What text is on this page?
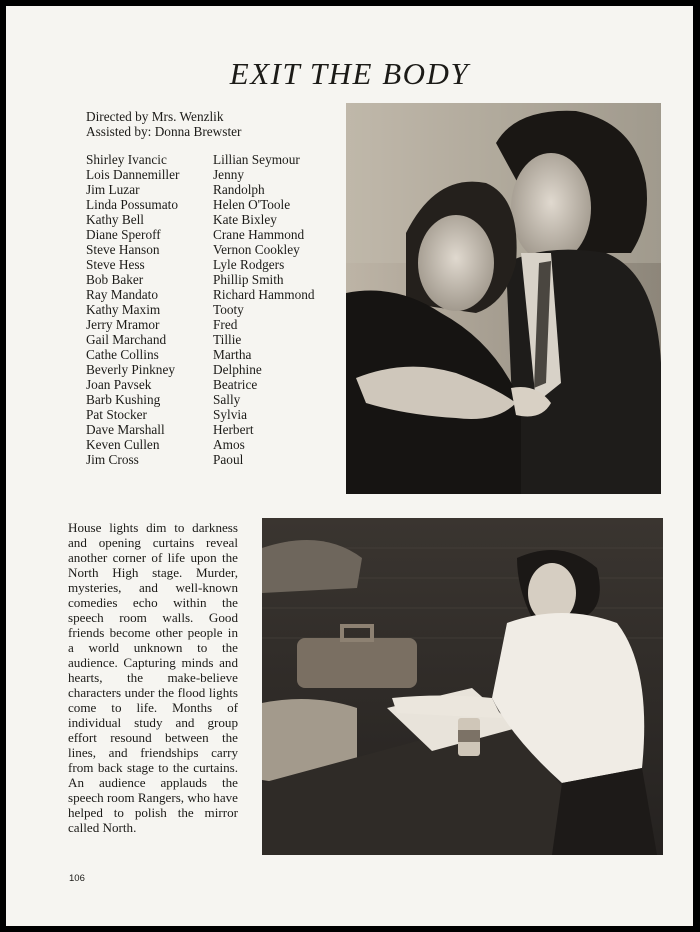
EXIT THE BODY
Directed by Mrs. Wenzlik
Assisted by: Donna Brewster
Shirley Ivancic
Lois Dannemiller
Jim Luzar
Linda Possumato
Kathy Bell
Diane Speroff
Steve Hanson
Steve Hess
Bob Baker
Ray Mandato
Kathy Maxim
Jerry Mramor
Gail Marchand
Cathe Collins
Beverly Pinkney
Joan Pavsek
Barb Kushing
Pat Stocker
Dave Marshall
Keven Cullen
Jim Cross
Lillian Seymour
Jenny
Randolph
Helen O'Toole
Kate Bixley
Crane Hammond
Vernon Cookley
Lyle Rodgers
Phillip Smith
Richard Hammond
Tooty
Fred
Tillie
Martha
Delphine
Beatrice
Sally
Sylvia
Herbert
Amos
Paoul
House lights dim to darkness and opening curtains reveal another corner of life upon the North High stage. Murder, mysteries, and well-known comedies echo within the speech room walls. Good friends become other people in a world unknown to the audience. Capturing minds and hearts, the make-believe characters under the flood lights come to life. Months of individual study and group effort resound between the lines, and friendships carry from back stage to the curtains. An audience applauds the speech room Rangers, who have helped to polish the mirror called North.
106
